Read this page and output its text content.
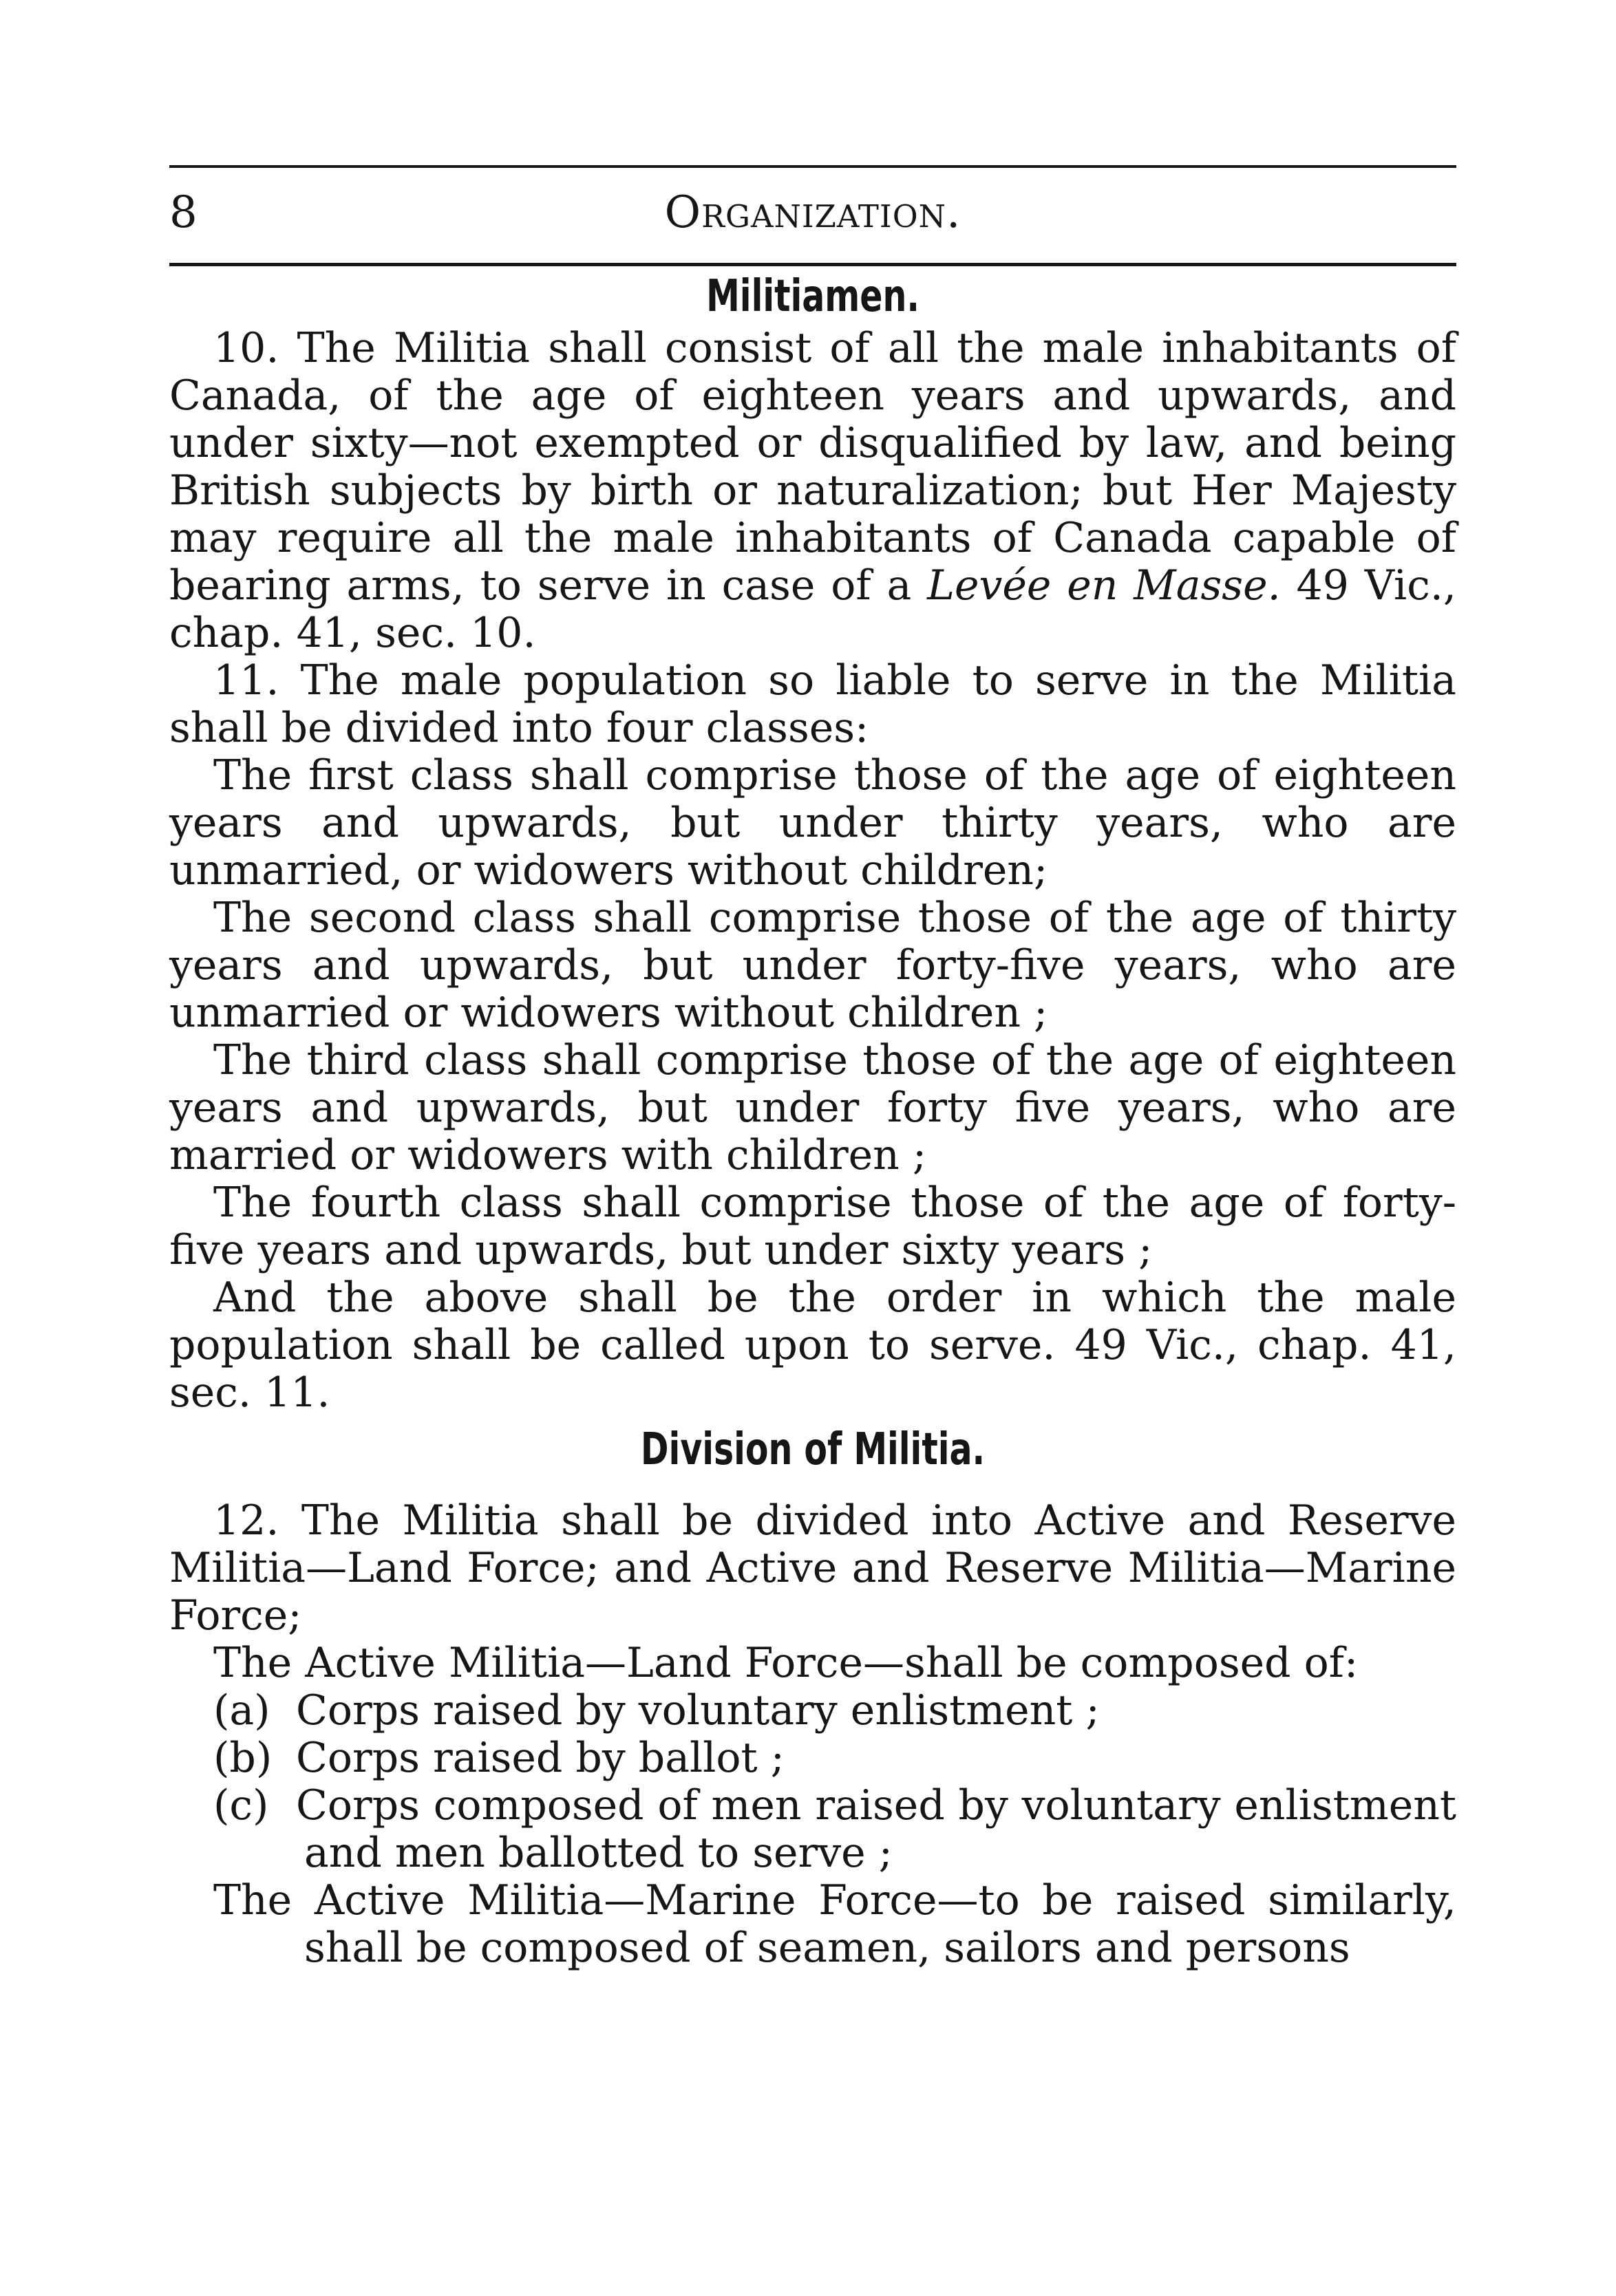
8	Organization.
Militiamen.

10. The Militia shall consist of all the male inhabitants of Canada, of the age of eighteen years and upwards, and under sixty—not exempted or disqualified by law, and being British subjects by birth or naturalization; but Her Majesty may require all the male inhabitants of Canada capable of bearing arms, to serve in case of a Levée en Masse. 49 Vic., chap. 41, sec. 10.

11. The male population so liable to serve in the Militia shall be divided into four classes:

The first class shall comprise those of the age of eighteen years and upwards, but under thirty years, who are unmarried, or widowers without children;

The second class shall comprise those of the age of thirty years and upwards, but under forty-five years, who are unmarried or widowers without children ;

The third class shall comprise those of the age of eighteen years and upwards, but under forty five years, who are married or widowers with children ;

The fourth class shall comprise those of the age of forty-five years and upwards, but under sixty years ;

And the above shall be the order in which the male population shall be called upon to serve. 49 Vic., chap. 41, sec. 11.

Division of Militia.

12. The Militia shall be divided into Active and Reserve Militia—Land Force; and Active and Reserve Militia—Marine Force;

The Active Militia—Land Force—shall be composed of:

(a) Corps raised by voluntary enlistment ;

(b) Corps raised by ballot ;

(c) Corps composed of men raised by voluntary enlistment and men ballotted to serve ;

The Active Militia—Marine Force—to be raised similarly, shall be composed of seamen, sailors and persons
